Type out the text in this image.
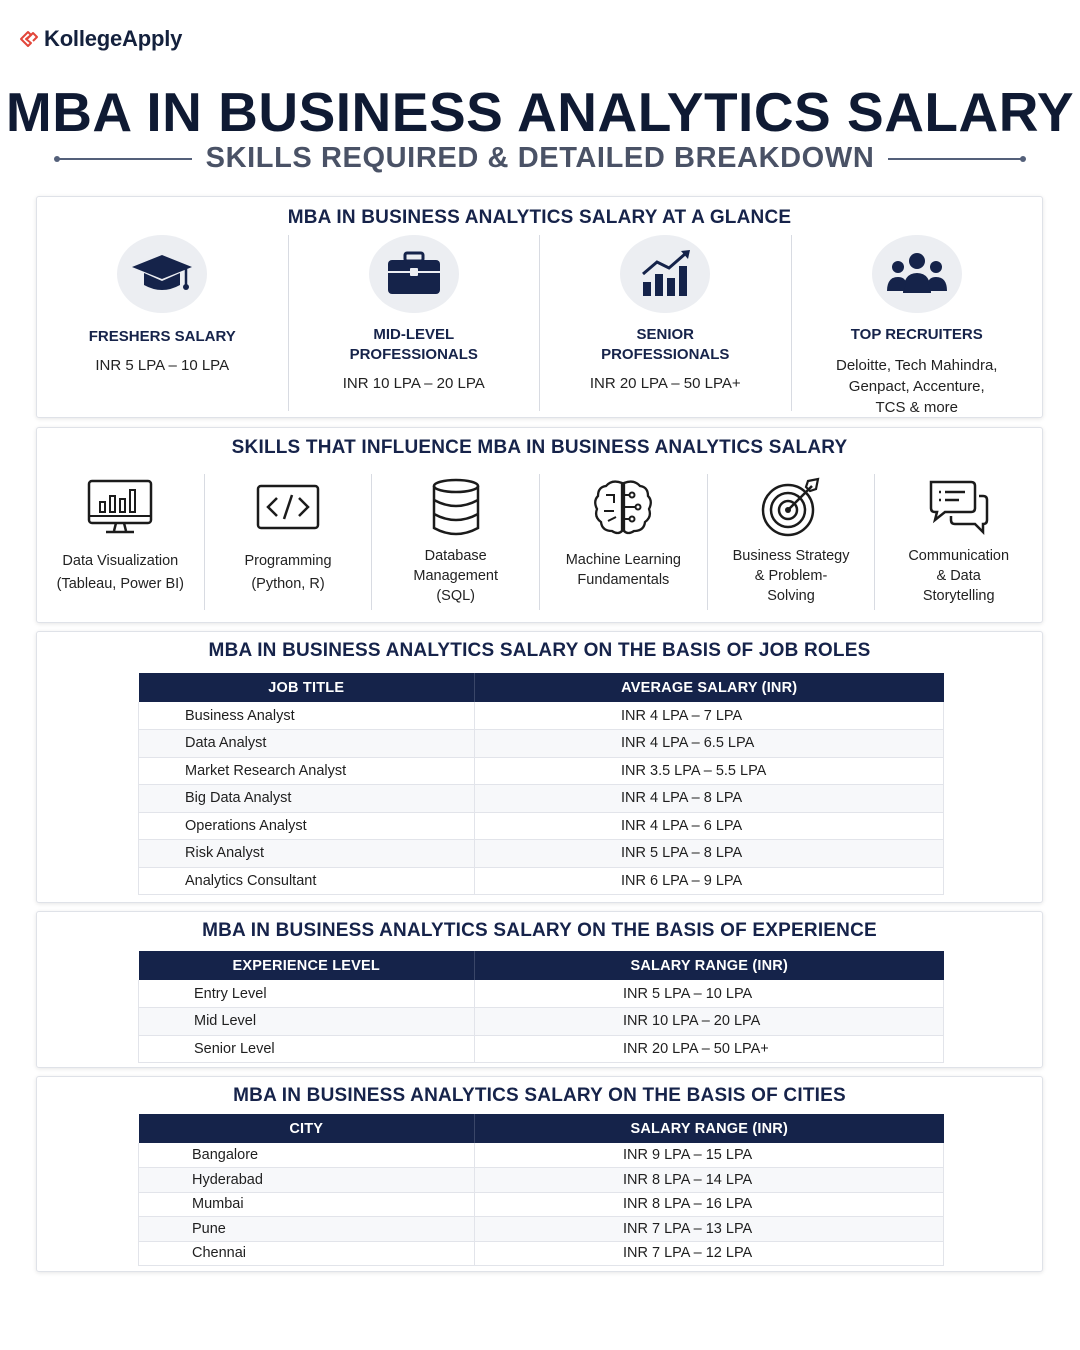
KollegeApply
MBA IN BUSINESS ANALYTICS SALARY
SKILLS REQUIRED & DETAILED BREAKDOWN
MBA IN BUSINESS ANALYTICS SALARY AT A GLANCE
FRESHERS SALARY
INR 5 LPA – 10 LPA
MID-LEVEL
PROFESSIONALS
INR 10 LPA – 20 LPA
SENIOR
PROFESSIONALS
INR 20 LPA – 50 LPA+
TOP RECRUITERS
Deloitte, Tech Mahindra,
Genpact, Accenture,
TCS & more
SKILLS THAT INFLUENCE MBA IN BUSINESS ANALYTICS SALARY
Data Visualization
(Tableau, Power BI)
Programming
(Python, R)
Database
Management
(SQL)
Machine Learning
Fundamentals
Business Strategy
& Problem-
Solving
Communication
& Data
Storytelling
MBA IN BUSINESS ANALYTICS SALARY ON THE BASIS OF JOB ROLES
JOB TITLE	AVERAGE SALARY (INR)
Business Analyst	INR 4 LPA – 7 LPA
Data Analyst	INR 4 LPA – 6.5 LPA
Market Research Analyst	INR 3.5 LPA – 5.5 LPA
Big Data Analyst	INR 4 LPA – 8 LPA
Operations Analyst	INR 4 LPA – 6 LPA
Risk Analyst	INR 5 LPA – 8 LPA
Analytics Consultant	INR 6 LPA – 9 LPA
MBA IN BUSINESS ANALYTICS SALARY ON THE BASIS OF EXPERIENCE
EXPERIENCE LEVEL	SALARY RANGE (INR)
Entry Level	INR 5 LPA – 10 LPA
Mid Level	INR 10 LPA – 20 LPA
Senior Level	INR 20 LPA – 50 LPA+
MBA IN BUSINESS ANALYTICS SALARY ON THE BASIS OF CITIES
CITY	SALARY RANGE (INR)
Bangalore	INR 9 LPA – 15 LPA
Hyderabad	INR 8 LPA – 14 LPA
Mumbai	INR 8 LPA – 16 LPA
Pune	INR 7 LPA – 13 LPA
Chennai	INR 7 LPA – 12 LPA
